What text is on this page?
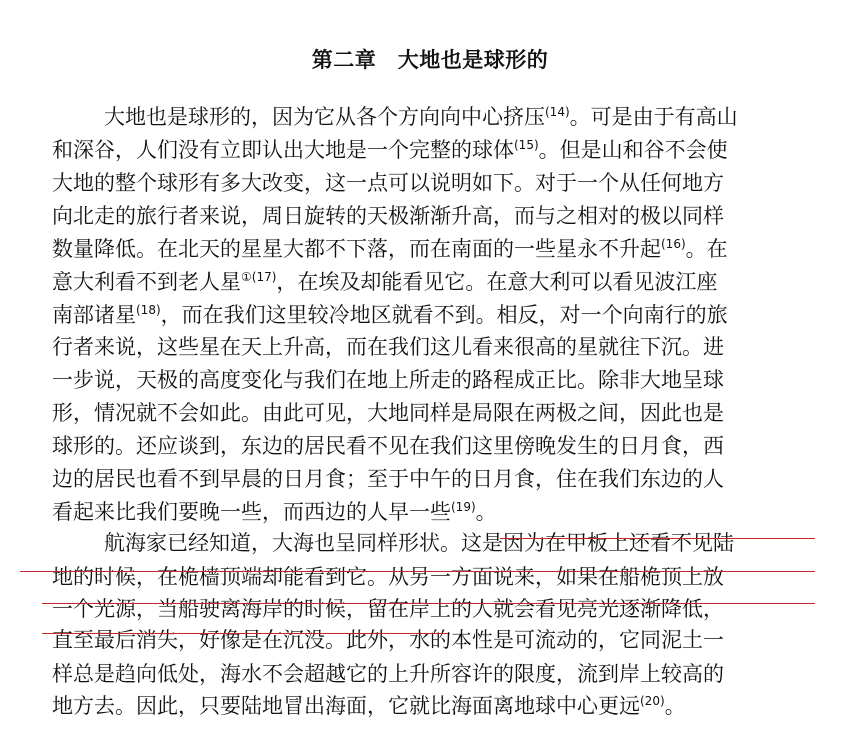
第二章　大地也是球形的
大地也是球形的，因为它从各个方向向中心挤压$^{(14)}$。可是由于有高山
和深谷，人们没有立即认出大地是一个完整的球体$^{(15)}$。但是山和谷不会使
大地的整个球形有多大改变，这一点可以说明如下。对于一个从任何地方
向北走的旅行者来说，周日旋转的天极渐渐升高，而与之相对的极以同样
数量降低。在北天的星星大都不下落，而在南面的一些星永不升起$^{(16)}$。在
意大利看不到老人星$^{①(17)}$，在埃及却能看见它。在意大利可以看见波江座
南部诸星$^{(18)}$，而在我们这里较冷地区就看不到。相反，对一个向南行的旅
行者来说，这些星在天上升高，而在我们这儿看来很高的星就往下沉。进
一步说，天极的高度变化与我们在地上所走的路程成正比。除非大地呈球
形，情况就不会如此。由此可见，大地同样是局限在两极之间，因此也是
球形的。还应谈到，东边的居民看不见在我们这里傍晚发生的日月食，西
边的居民也看不到早晨的日月食；至于中午的日月食，住在我们东边的人
看起来比我们要晚一些，而西边的人早一些$^{(19)}$。
航海家已经知道，大海也呈同样形状。这是因为在甲板上还看不见陆
地的时候，在桅樯顶端却能看到它。从另一方面说来，如果在船桅顶上放
一个光源，当船驶离海岸的时候，留在岸上的人就会看见亮光逐渐降低，
直至最后消失，好像是在沉没。此外，水的本性是可流动的，它同泥土一
样总是趋向低处，海水不会超越它的上升所容许的限度，流到岸上较高的
地方去。因此，只要陆地冒出海面，它就比海面离地球中心更远$^{(20)}$。
